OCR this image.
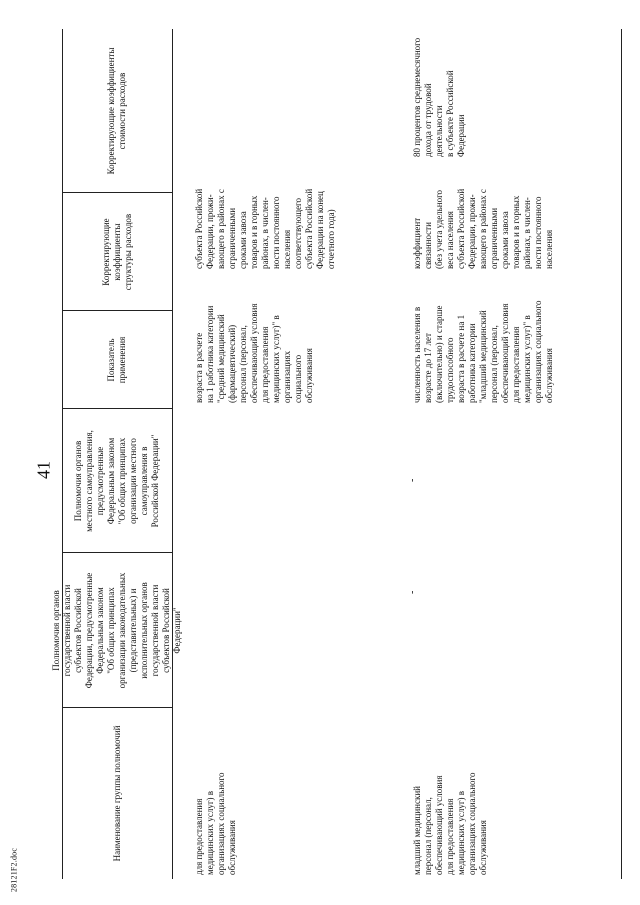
41
28121F2.doc
Наименование группы полномочий
Полномочия органов
государственной власти
субъектов Российской
Федерации, предусмотренные
Федеральным законом
"Об общих принципах
организации законодательных
(представительных) и
исполнительных органов
государственной власти
субъектов Российской
Федерации"
Полномочия органов
местного самоуправления,
предусмотренные
Федеральным законом
"Об общих принципах
организации местного
самоуправления в
Российской Федерации"
Показатель
применения
Корректирующие
коэффициенты
структуры расходов
Корректирующие коэффициенты
стоимости расходов
для предоставления
медицинских услуг) в
организациях социального
обслуживания
возраста в расчете
на 1 работника категории
"средний медицинский
(фармацевтический)
персонал (персонал,
обеспечивающий условия
для предоставления
медицинских услуг)" в
организациях
социального
обслуживания
субъекта Российской
Федерации, прожи-
вающего в районах с
ограниченными
сроками завоза
товаров и в горных
районах, в числен-
ности постоянного
населения
соответствующего
субъекта Российской
Федерации на конец
отчетного года)
-
-
младший медицинский
персонал (персонал,
обеспечивающий условия
для предоставления
медицинских услуг) в
организациях социального
обслуживания
численность населения в
возрасте до 17 лет
(включительно) и старше
трудоспособного
возраста в расчете на 1
работника категории
"младший медицинский
персонал (персонал,
обеспечивающий условия
для предоставления
медицинских услуг)" в
организациях социального
обслуживания
коэффициент
связанности
(без учета удельного
веса населения
субъекта Российской
Федерации, прожи-
вающего в районах с
ограниченными
сроками завоза
товаров и в горных
районах, в числен-
ности постоянного
населения
80 процентов среднемесячного
дохода от трудовой деятельности
в субъекте Российской
Федерации
